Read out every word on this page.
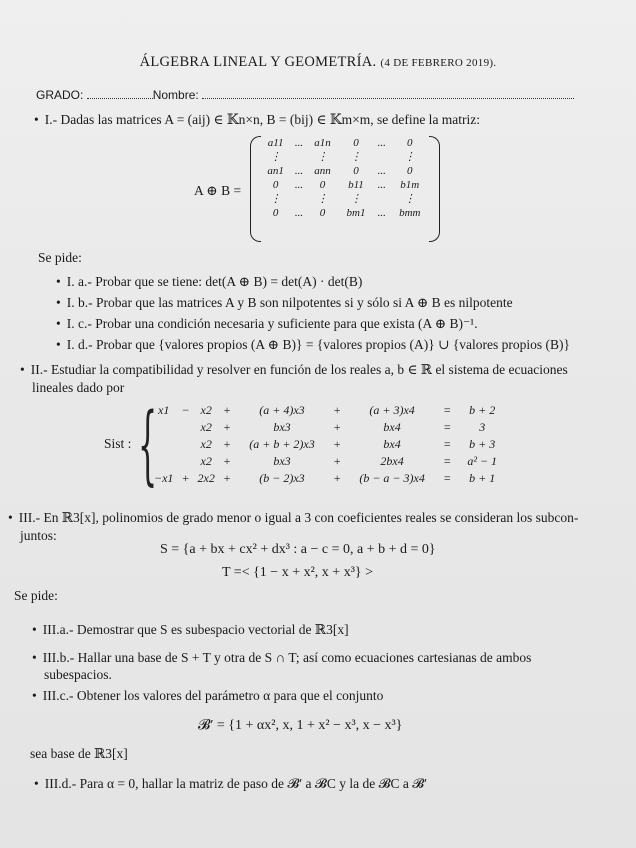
ÁLGEBRA LINEAL Y GEOMETRÍA. (4 DE FEBRERO 2019).
GRADO:	Nombre:
• I.- Dadas las matrices A = (aij) ∈ 𝕂n×n, B = (bij) ∈ 𝕂m×m, se define la matriz:
A ⊕ B =
a11	...	a1n	0	...	0
⋮		⋮	⋮		⋮
an1	...	ann	0	...	0
0	...	0	b11	...	b1m
⋮		⋮	⋮		⋮
0	...	0	bm1	...	bmm
Se pide:
• I. a.- Probar que se tiene: det(A ⊕ B) = det(A) · det(B)
• I. b.- Probar que las matrices A y B son nilpotentes si y sólo si A ⊕ B es nilpotente
• I. c.- Probar una condición necesaria y suficiente para que exista (A ⊕ B)⁻¹.
• I. d.- Probar que {valores propios (A ⊕ B)} = {valores propios (A)} ∪ {valores propios (B)}
• II.- Estudiar la compatibilidad y resolver en función de los reales a, b ∈ ℝ el sistema de ecuaciones
lineales dado por
Sist : { x1	−	x2	+	(a + 4)x3	+	(a + 3)x4	=	b + 2
		x2	+	bx3	+	bx4	=	3
		x2	+	(a + b + 2)x3	+	bx4	=	b + 3
		x2	+	bx3	+	2bx4	=	a² − 1
−x1	+	2x2	+	(b − 2)x3	+	(b − a − 3)x4	=	b + 1
• III.- En ℝ3[x], polinomios de grado menor o igual a 3 con coeficientes reales se consideran los subcon-
juntos:
S = {a + bx + cx² + dx³ : a − c = 0, a + b + d = 0}
T =< {1 − x + x², x + x³} >
Se pide:
• III.a.- Demostrar que S es subespacio vectorial de ℝ3[x]
• III.b.- Hallar una base de S + T y otra de S ∩ T; así como ecuaciones cartesianas de ambos
subespacios.
• III.c.- Obtener los valores del parámetro α para que el conjunto
𝓑′ = {1 + αx², x, 1 + x² − x³, x − x³}
sea base de ℝ3[x]
• III.d.- Para α = 0, hallar la matriz de paso de 𝓑′ a 𝓑C y la de 𝓑C a 𝓑′
